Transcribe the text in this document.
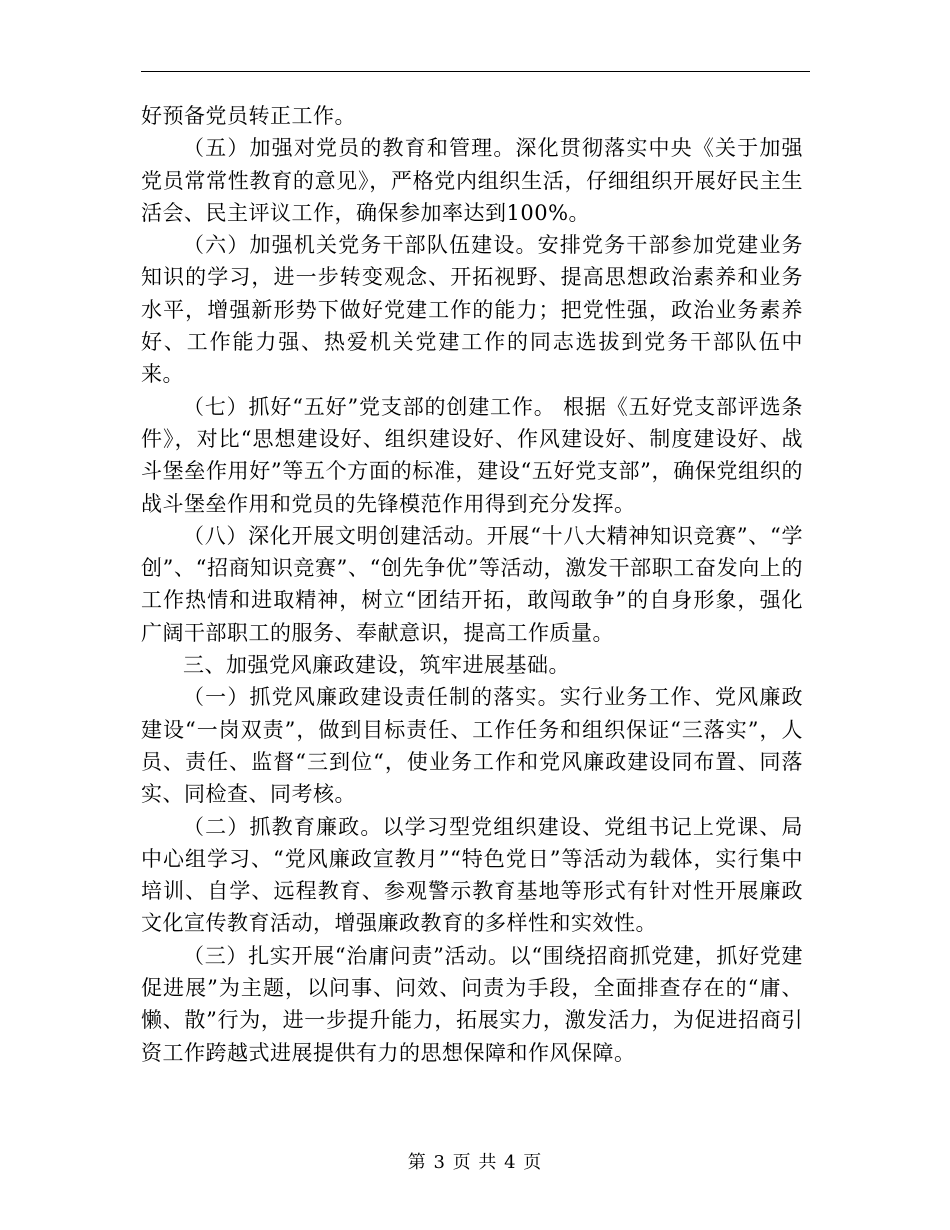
好预备党员转正工作。

（五）加强对党员的教育和管理。深化贯彻落实中央《关于加强党员常常性教育的意见》，严格党内组织生活，仔细组织开展好民主生活会、民主评议工作，确保参加率达到100%。

（六）加强机关党务干部队伍建设。安排党务干部参加党建业务知识的学习，进一步转变观念、开拓视野、提高思想政治素养和业务水平，增强新形势下做好党建工作的能力；把党性强，政治业务素养好、工作能力强、热爱机关党建工作的同志选拔到党务干部队伍中来。

（七）抓好“五好”党支部的创建工作。 根据《五好党支部评选条件》，对比“思想建设好、组织建设好、作风建设好、制度建设好、战斗堡垒作用好”等五个方面的标准，建设“五好党支部”，确保党组织的战斗堡垒作用和党员的先锋模范作用得到充分发挥。

（八）深化开展文明创建活动。开展“十八大精神知识竞赛”、“学创”、“招商知识竞赛”、“创先争优”等活动，激发干部职工奋发向上的工作热情和进取精神，树立“团结开拓，敢闯敢争”的自身形象，强化广阔干部职工的服务、奉献意识，提高工作质量。

三、加强党风廉政建设，筑牢进展基础。

（一）抓党风廉政建设责任制的落实。实行业务工作、党风廉政建设“一岗双责”，做到目标责任、工作任务和组织保证“三落实”，人员、责任、监督“三到位“，使业务工作和党风廉政建设同布置、同落实、同检查、同考核。

（二）抓教育廉政。以学习型党组织建设、党组书记上党课、局中心组学习、“党风廉政宣教月”“特色党日”等活动为载体，实行集中培训、自学、远程教育、参观警示教育基地等形式有针对性开展廉政文化宣传教育活动，增强廉政教育的多样性和实效性。

（三）扎实开展“治庸问责”活动。以“围绕招商抓党建，抓好党建促进展”为主题，以问事、问效、问责为手段，全面排查存在的“庸、懒、散”行为，进一步提升能力，拓展实力，激发活力，为促进招商引资工作跨越式进展提供有力的思想保障和作风保障。

第 3 页 共 4 页
